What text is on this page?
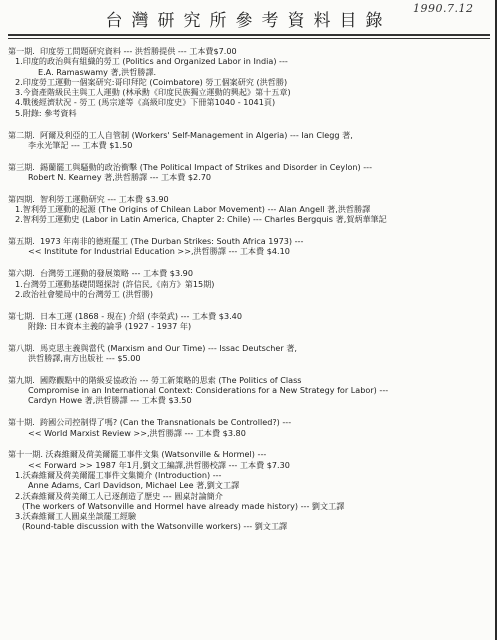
1990.7.12
台灣研究所參考資料目錄
第一期.  印度勞工問題研究資料 --- 洪哲勝提供 --- 工本費$7.00
1.印度的政治與有組織的勞工 (Politics and Organized Labor in India) ---
E.A. Ramaswamy 著,洪哲勝譯.
2.印度勞工運動一個案研究:哥印拜陀 (Coimbatore) 勞工個案研究 (洪哲勝)
3.今資產階級民主與工人運動 (林承勳《印度民族獨立運動的興起》第十五章)
4.戰後經濟狀況 - 勞工 (馬宗達等《高級印度史》下冊第1040 - 1041頁)
5.附錄: 參考資料
第二期.  阿爾及利亞的工人自管制 (Workers' Self-Management in Algeria) --- Ian Clegg 著,
李永光筆記 --- 工本費 $1.50
第三期.  錫蘭罷工與騷動的政治衝擊 (The Political Impact of Strikes and Disorder in Ceylon) ---
Robert N. Kearney 著,洪哲勝譯 --- 工本費 $2.70
第四期.  智利勞工運動研究 --- 工本費 $3.90
1.智利勞工運動的起源 (The Origins of Chilean Labor Movement) --- Alan Angell 著,洪哲勝譯
2.智利勞工運動史 (Labor in Latin America, Chapter 2: Chile) --- Charles Bergquis 著,賀炳華筆記
第五期.  1973 年南非的德班罷工 (The Durban Strikes: South Africa 1973) ---
<< Institute for Industrial Education >>,洪哲勝譯 --- 工本費 $4.10
第六期.  台灣勞工運動的發展策略 --- 工本費 $3.90
1.台灣勞工運動基礎問題探討 (許信民,《南方》第15期)
2.政治社會變局中的台灣勞工 (洪哲勝)
第七期.  日本工運 (1868 - 現在) 介紹 (李榮武) --- 工本費 $3.40
附錄: 日本資本主義的論爭 (1927 - 1937 年)
第八期.  馬克思主義與當代 (Marxism and Our Time) --- Issac Deutscher 著,
洪哲勝譯,南方出版社 --- $5.00
第九期.  國際觀點中的階級妥協政治 --- 勞工新策略的思索 (The Politics of Class
Compromise in an International Context: Considerations for a New Strategy for Labor) ---
Cardyn Howe 著,洪哲勝譯 --- 工本費 $3.50
第十期.  跨國公司控制得了嗎? (Can the Transnationals be Controlled?) ---
<< World Marxist Review >>,洪哲勝譯 --- 工本費 $3.80
第十一期. 沃森維爾及荷美爾罷工事件文集 (Watsonville & Hormel) ---
<< Forward >> 1987 年1月,劉文工編譯,洪哲勝校譯 --- 工本費 $7.30
1.沃森維爾及荷美爾罷工事件文集簡介 (Introduction) ---
Anne Adams, Carl Davidson, Michael Lee 著,劉文工譯
2.沃森維爾及荷美爾工人已逐創造了歷史 --- 圓桌討論簡介
(The workers of Watsonville and Hormel have already made history) --- 劉文工譯
3.沃森維爾工人圓桌坐談罷工經驗
(Round-table discussion with the Watsonville workers) --- 劉文工譯
